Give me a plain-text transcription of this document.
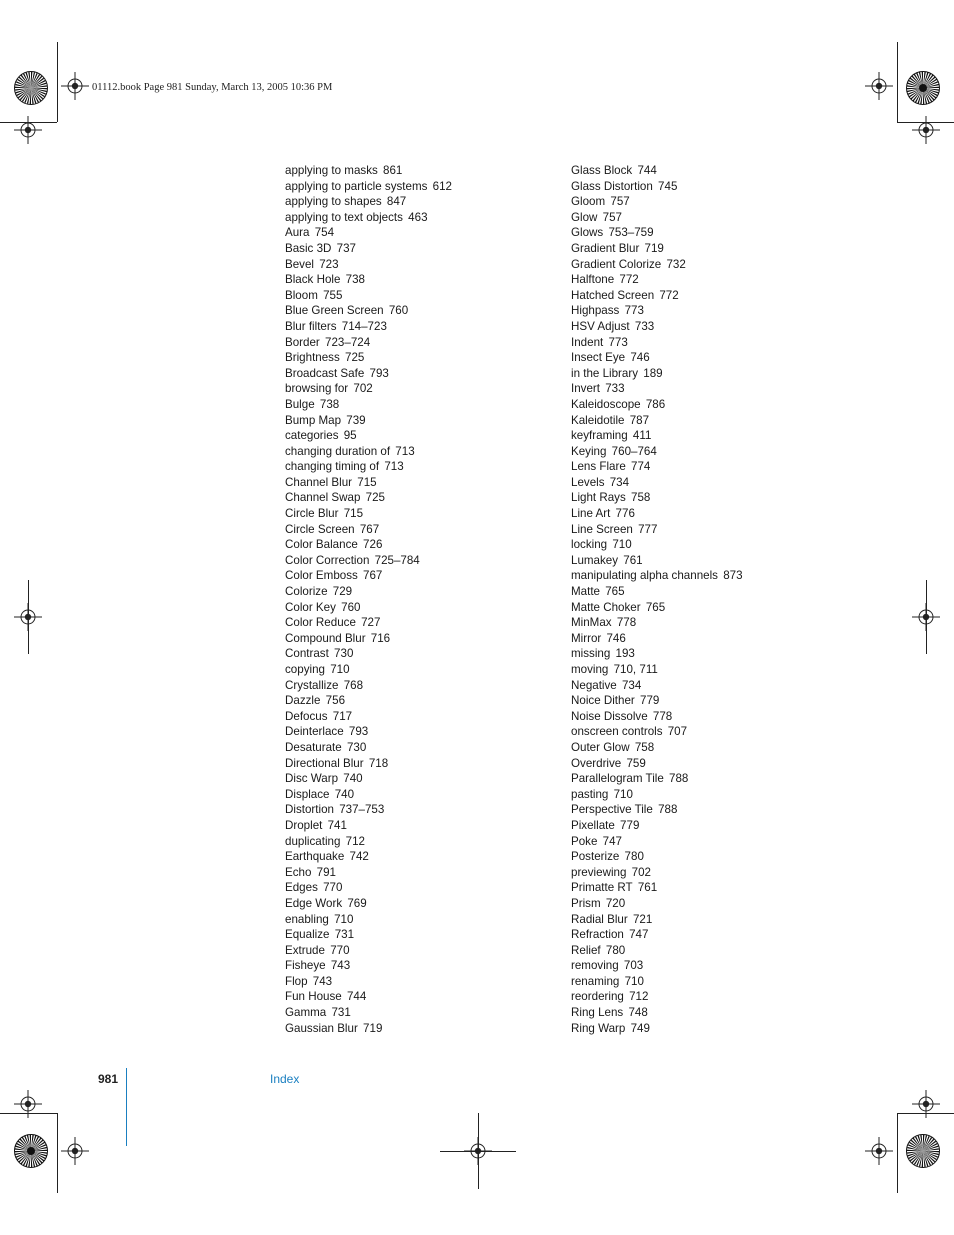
01112.book Page 981 Sunday, March 13, 2005 10:36 PM

applying to masks 861

applying to particle systems 612

applying to shapes 847

applying to text objects 463

Aura 754

Basic 3D 737

Bevel 723

Black Hole 738

Bloom 755

Blue Green Screen 760

Blur filters 714–723

Border 723–724

Brightness 725

Broadcast Safe 793

browsing for 702

Bulge 738

Bump Map 739

categories 95

changing duration of 713

changing timing of 713

Channel Blur 715

Channel Swap 725

Circle Blur 715

Circle Screen 767

Color Balance 726

Color Correction 725–784

Color Emboss 767

Colorize 729

Color Key 760

Color Reduce 727

Compound Blur 716

Contrast 730

copying 710

Crystallize 768

Dazzle 756

Defocus 717

Deinterlace 793

Desaturate 730

Directional Blur 718

Disc Warp 740

Displace 740

Distortion 737–753

Droplet 741

duplicating 712

Earthquake 742

Echo 791

Edges 770

Edge Work 769

enabling 710

Equalize 731

Extrude 770

Fisheye 743

Flop 743

Fun House 744

Gamma 731

Gaussian Blur 719

Glass Block 744

Glass Distortion 745

Gloom 757

Glow 757

Glows 753–759

Gradient Blur 719

Gradient Colorize 732

Halftone 772

Hatched Screen 772

Highpass 773

HSV Adjust 733

Indent 773

Insect Eye 746

in the Library 189

Invert 733

Kaleidoscope 786

Kaleidotile 787

keyframing 411

Keying 760–764

Lens Flare 774

Levels 734

Light Rays 758

Line Art 776

Line Screen 777

locking 710

Lumakey 761

manipulating alpha channels 873

Matte 765

Matte Choker 765

MinMax 778

Mirror 746

missing 193

moving 710, 711

Negative 734

Noice Dither 779

Noise Dissolve 778

onscreen controls 707

Outer Glow 758

Overdrive 759

Parallelogram Tile 788

pasting 710

Perspective Tile 788

Pixellate 779

Poke 747

Posterize 780

previewing 702

Primatte RT 761

Prism 720

Radial Blur 721

Refraction 747

Relief 780

removing 703

renaming 710

reordering 712

Ring Lens 748

Ring Warp 749

981	Index
